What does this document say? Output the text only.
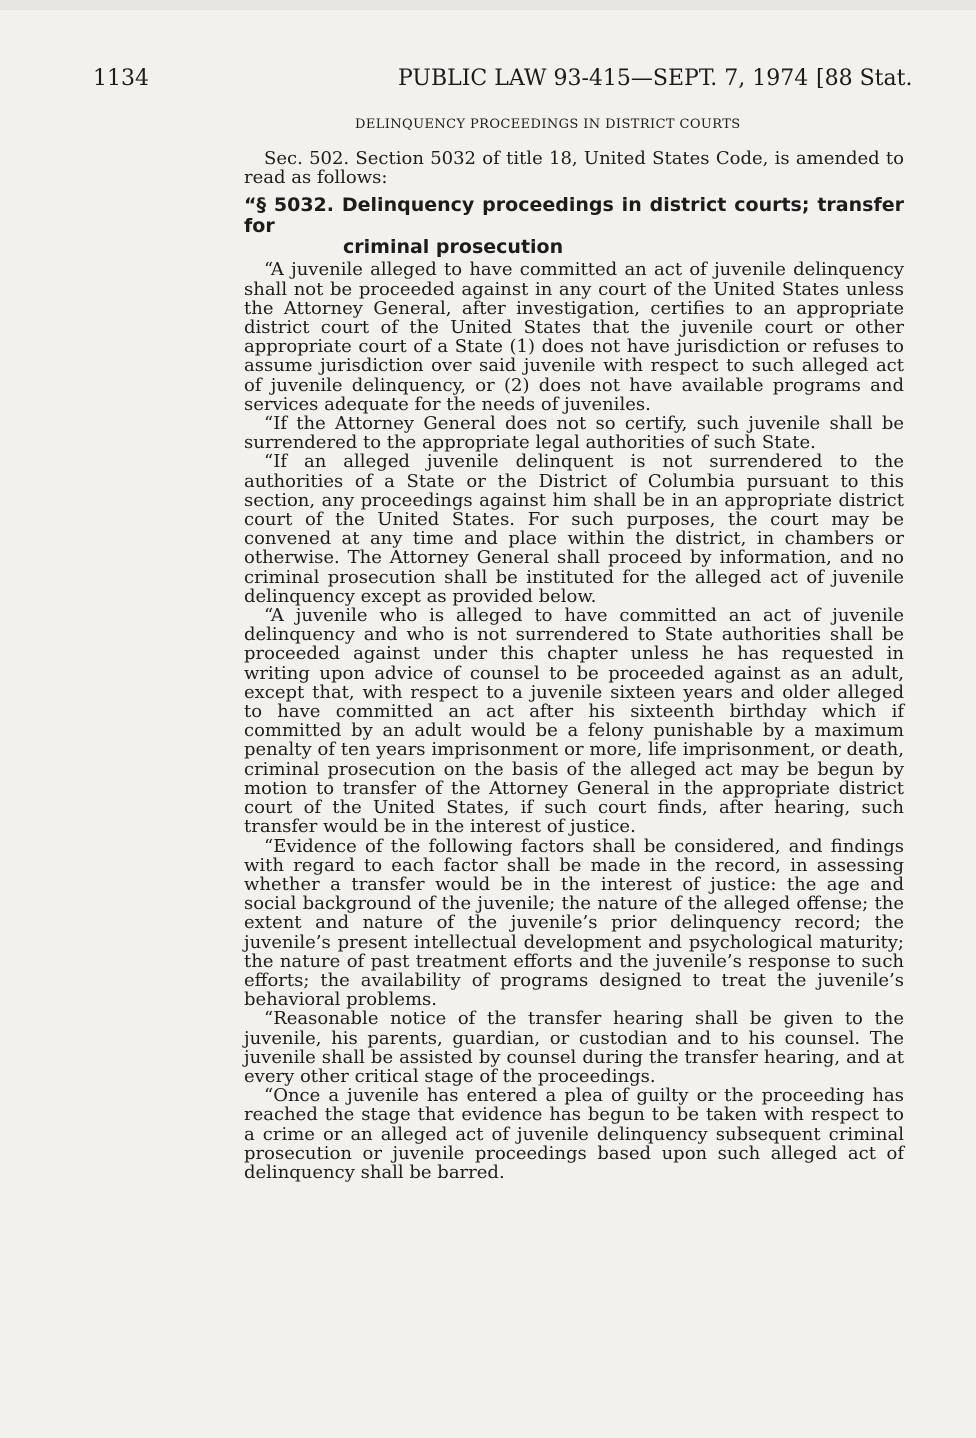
1134	PUBLIC LAW 93-415—SEPT. 7, 1974 [88 Stat.
DELINQUENCY PROCEEDINGS IN DISTRICT COURTS

Sec. 502. Section 5032 of title 18, United States Code, is amended to read as follows:

“§ 5032. Delinquency proceedings in district courts; transfer for
criminal prosecution

“A juvenile alleged to have committed an act of juvenile delinquency shall not be proceeded against in any court of the United States unless the Attorney General, after investigation, certifies to an appropriate district court of the United States that the juvenile court or other appropriate court of a State (1) does not have jurisdiction or refuses to assume jurisdiction over said juvenile with respect to such alleged act of juvenile delinquency, or (2) does not have available programs and services adequate for the needs of juveniles.

“If the Attorney General does not so certify, such juvenile shall be surrendered to the appropriate legal authorities of such State.

“If an alleged juvenile delinquent is not surrendered to the authorities of a State or the District of Columbia pursuant to this section, any proceedings against him shall be in an appropriate district court of the United States. For such purposes, the court may be convened at any time and place within the district, in chambers or otherwise. The Attorney General shall proceed by information, and no criminal prosecution shall be instituted for the alleged act of juvenile delinquency except as provided below.

“A juvenile who is alleged to have committed an act of juvenile delinquency and who is not surrendered to State authorities shall be proceeded against under this chapter unless he has requested in writing upon advice of counsel to be proceeded against as an adult, except that, with respect to a juvenile sixteen years and older alleged to have committed an act after his sixteenth birthday which if committed by an adult would be a felony punishable by a maximum penalty of ten years imprisonment or more, life imprisonment, or death, criminal prosecution on the basis of the alleged act may be begun by motion to transfer of the Attorney General in the appropriate district court of the United States, if such court finds, after hearing, such transfer would be in the interest of justice.

“Evidence of the following factors shall be considered, and findings with regard to each factor shall be made in the record, in assessing whether a transfer would be in the interest of justice: the age and social background of the juvenile; the nature of the alleged offense; the extent and nature of the juvenile’s prior delinquency record; the juvenile’s present intellectual development and psychological maturity; the nature of past treatment efforts and the juvenile’s response to such efforts; the availability of programs designed to treat the juvenile’s behavioral problems.

“Reasonable notice of the transfer hearing shall be given to the juvenile, his parents, guardian, or custodian and to his counsel. The juvenile shall be assisted by counsel during the transfer hearing, and at every other critical stage of the proceedings.

“Once a juvenile has entered a plea of guilty or the proceeding has reached the stage that evidence has begun to be taken with respect to a crime or an alleged act of juvenile delinquency subsequent criminal prosecution or juvenile proceedings based upon such alleged act of delinquency shall be barred.
